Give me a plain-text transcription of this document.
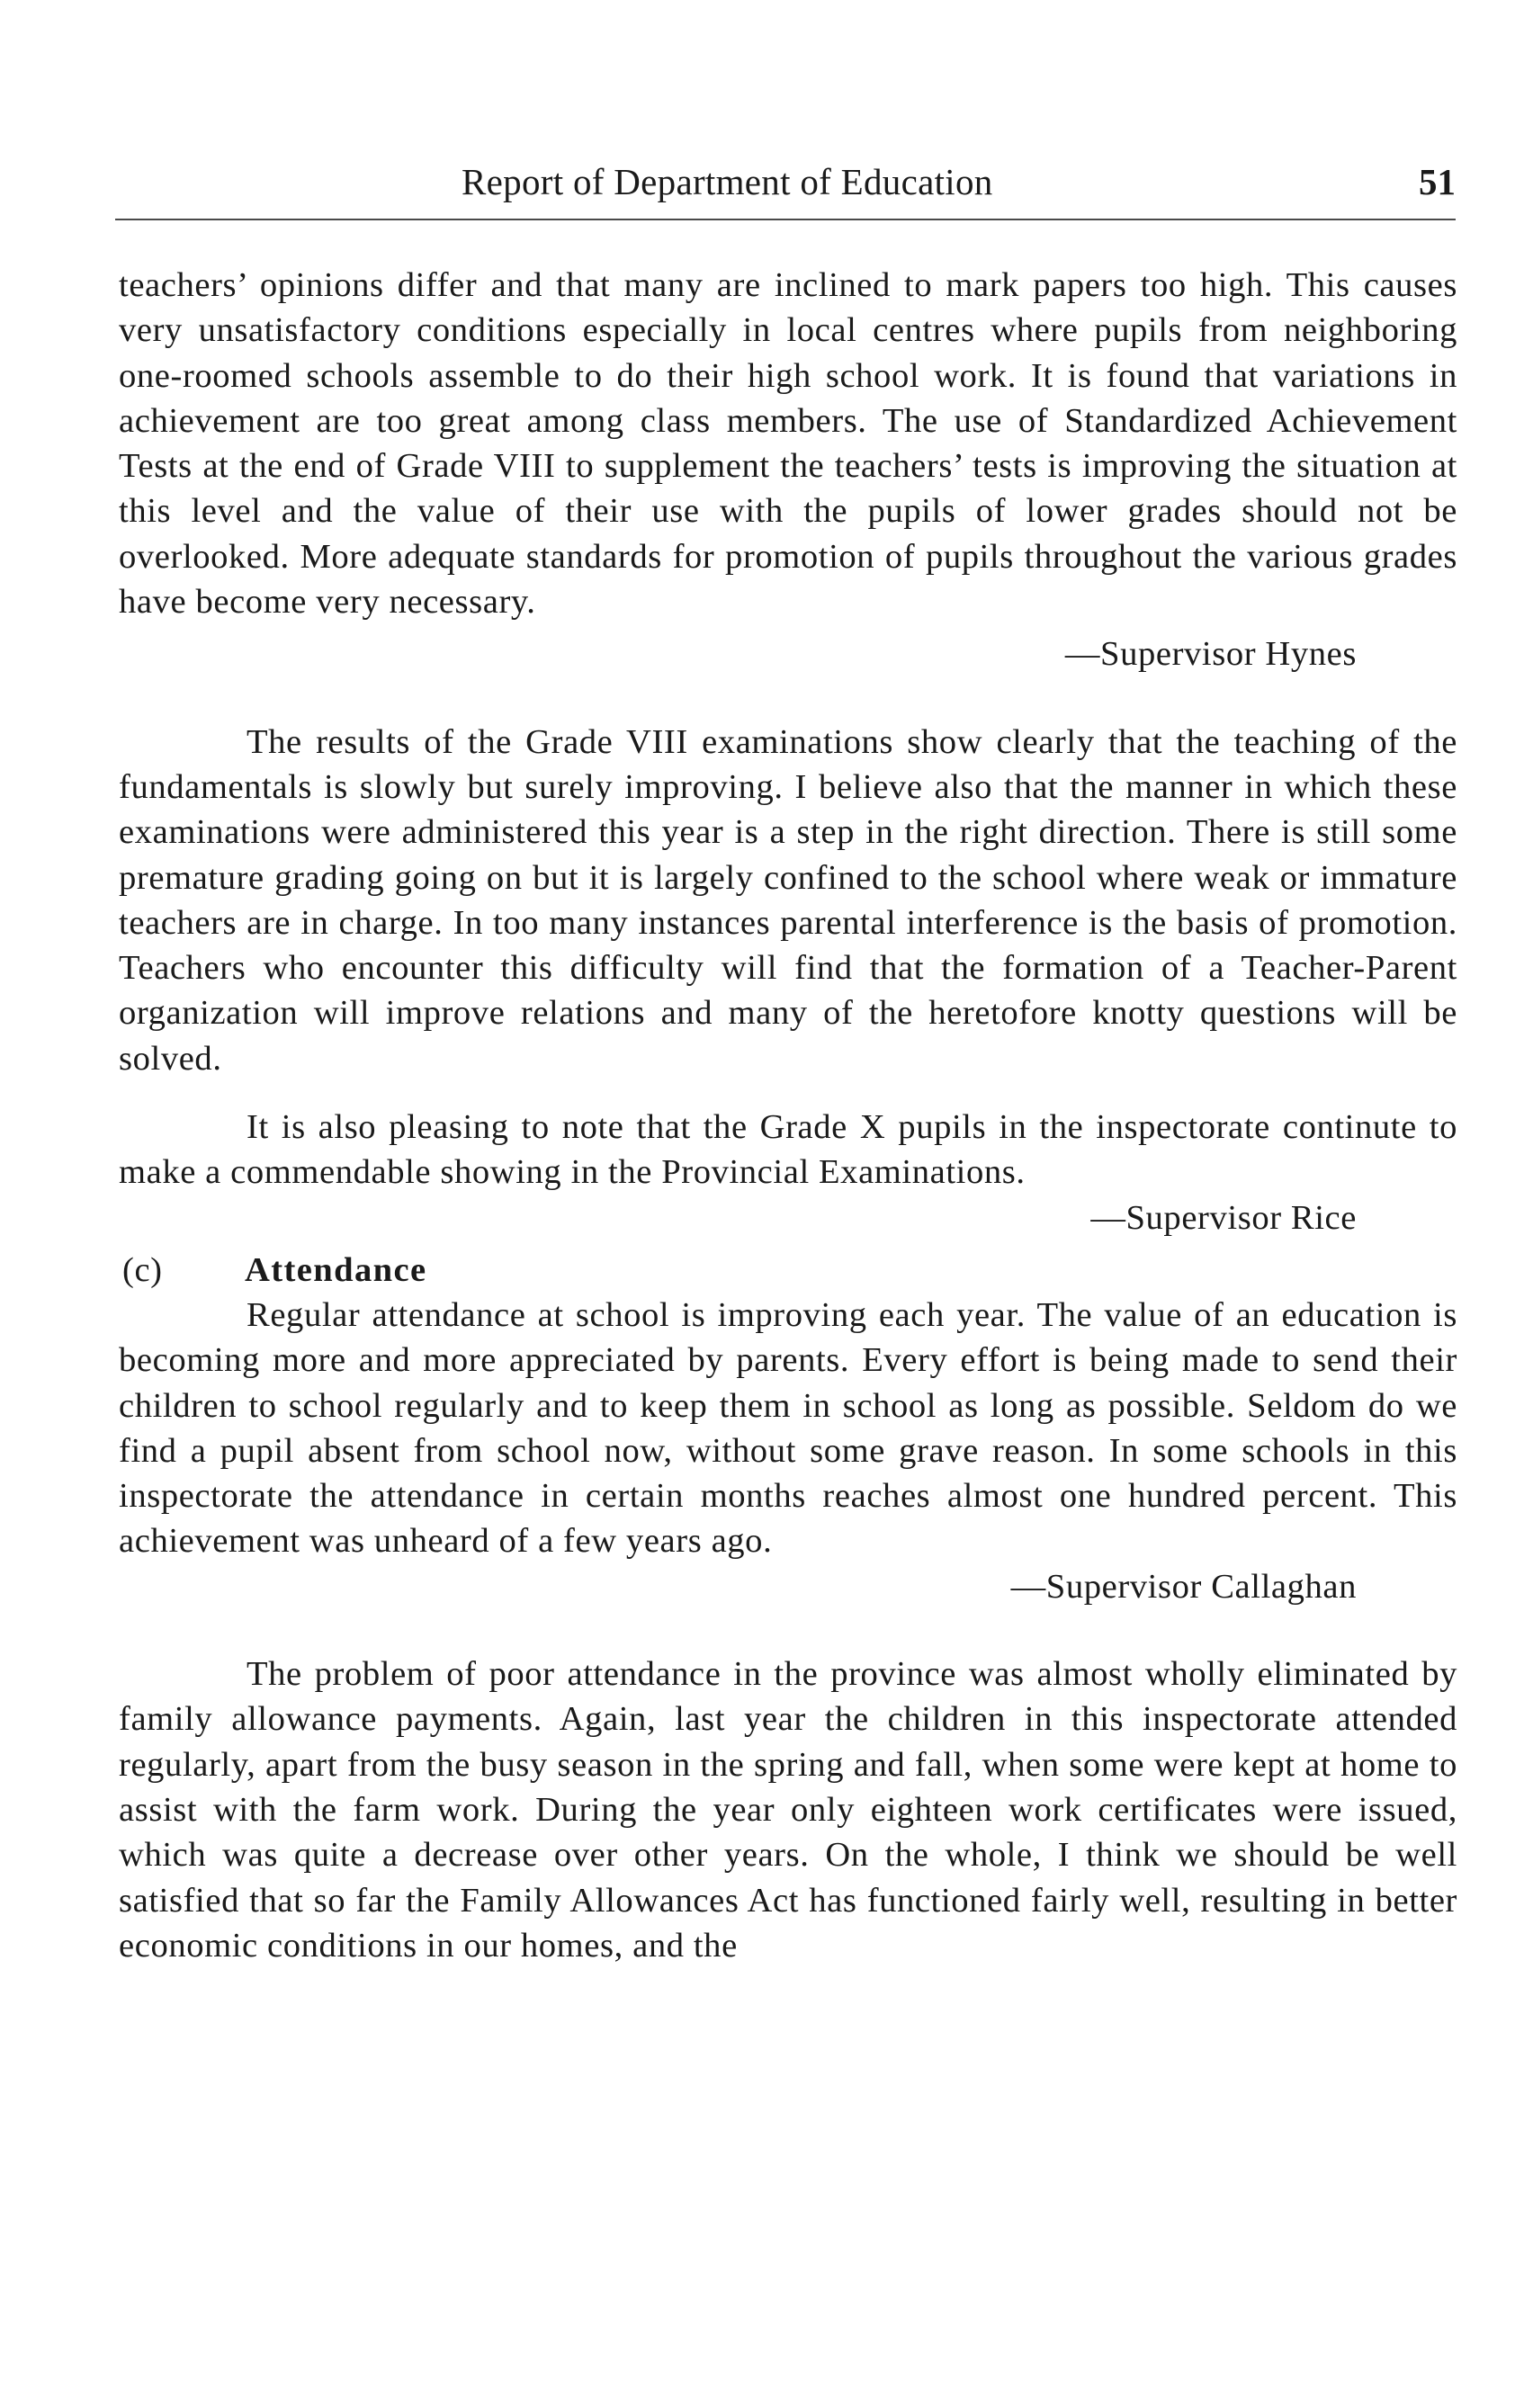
Report of Department of Education	51

teachers’ opinions differ and that many are inclined to mark papers too high. This causes very unsatisfactory conditions especially in local centres where pupils from neighboring one-roomed schools assemble to do their high school work. It is found that variations in achievement are too great among class members. The use of Standardized Achievement Tests at the end of Grade VIII to supplement the teachers’ tests is improving the situation at this level and the value of their use with the pupils of lower grades should not be overlooked. More adequate standards for promotion of pupils throughout the various grades have become very necessary.

—Supervisor Hynes

The results of the Grade VIII examinations show clearly that the teaching of the fundamentals is slowly but surely improving. I believe also that the manner in which these examinations were administered this year is a step in the right direction. There is still some premature grading going on but it is largely confined to the school where weak or immature teachers are in charge. In too many instances parental interference is the basis of promotion. Teachers who encounter this difficulty will find that the formation of a Teacher-Parent organization will improve relations and many of the heretofore knotty questions will be solved.

It is also pleasing to note that the Grade X pupils in the inspectorate continute to make a commendable showing in the Provincial Examinations.

—Supervisor Rice

(c) Attendance

Regular attendance at school is improving each year. The value of an education is becoming more and more appreciated by parents. Every effort is being made to send their children to school regularly and to keep them in school as long as possible. Seldom do we find a pupil absent from school now, without some grave reason. In some schools in this inspectorate the attendance in certain months reaches almost one hundred percent. This achievement was unheard of a few years ago.

—Supervisor Callaghan

The problem of poor attendance in the province was almost wholly eliminated by family allowance payments. Again, last year the children in this inspectorate attended regularly, apart from the busy season in the spring and fall, when some were kept at home to assist with the farm work. During the year only eighteen work certificates were issued, which was quite a decrease over other years. On the whole, I think we should be well satisfied that so far the Family Allowances Act has functioned fairly well, resulting in better economic conditions in our homes, and the
